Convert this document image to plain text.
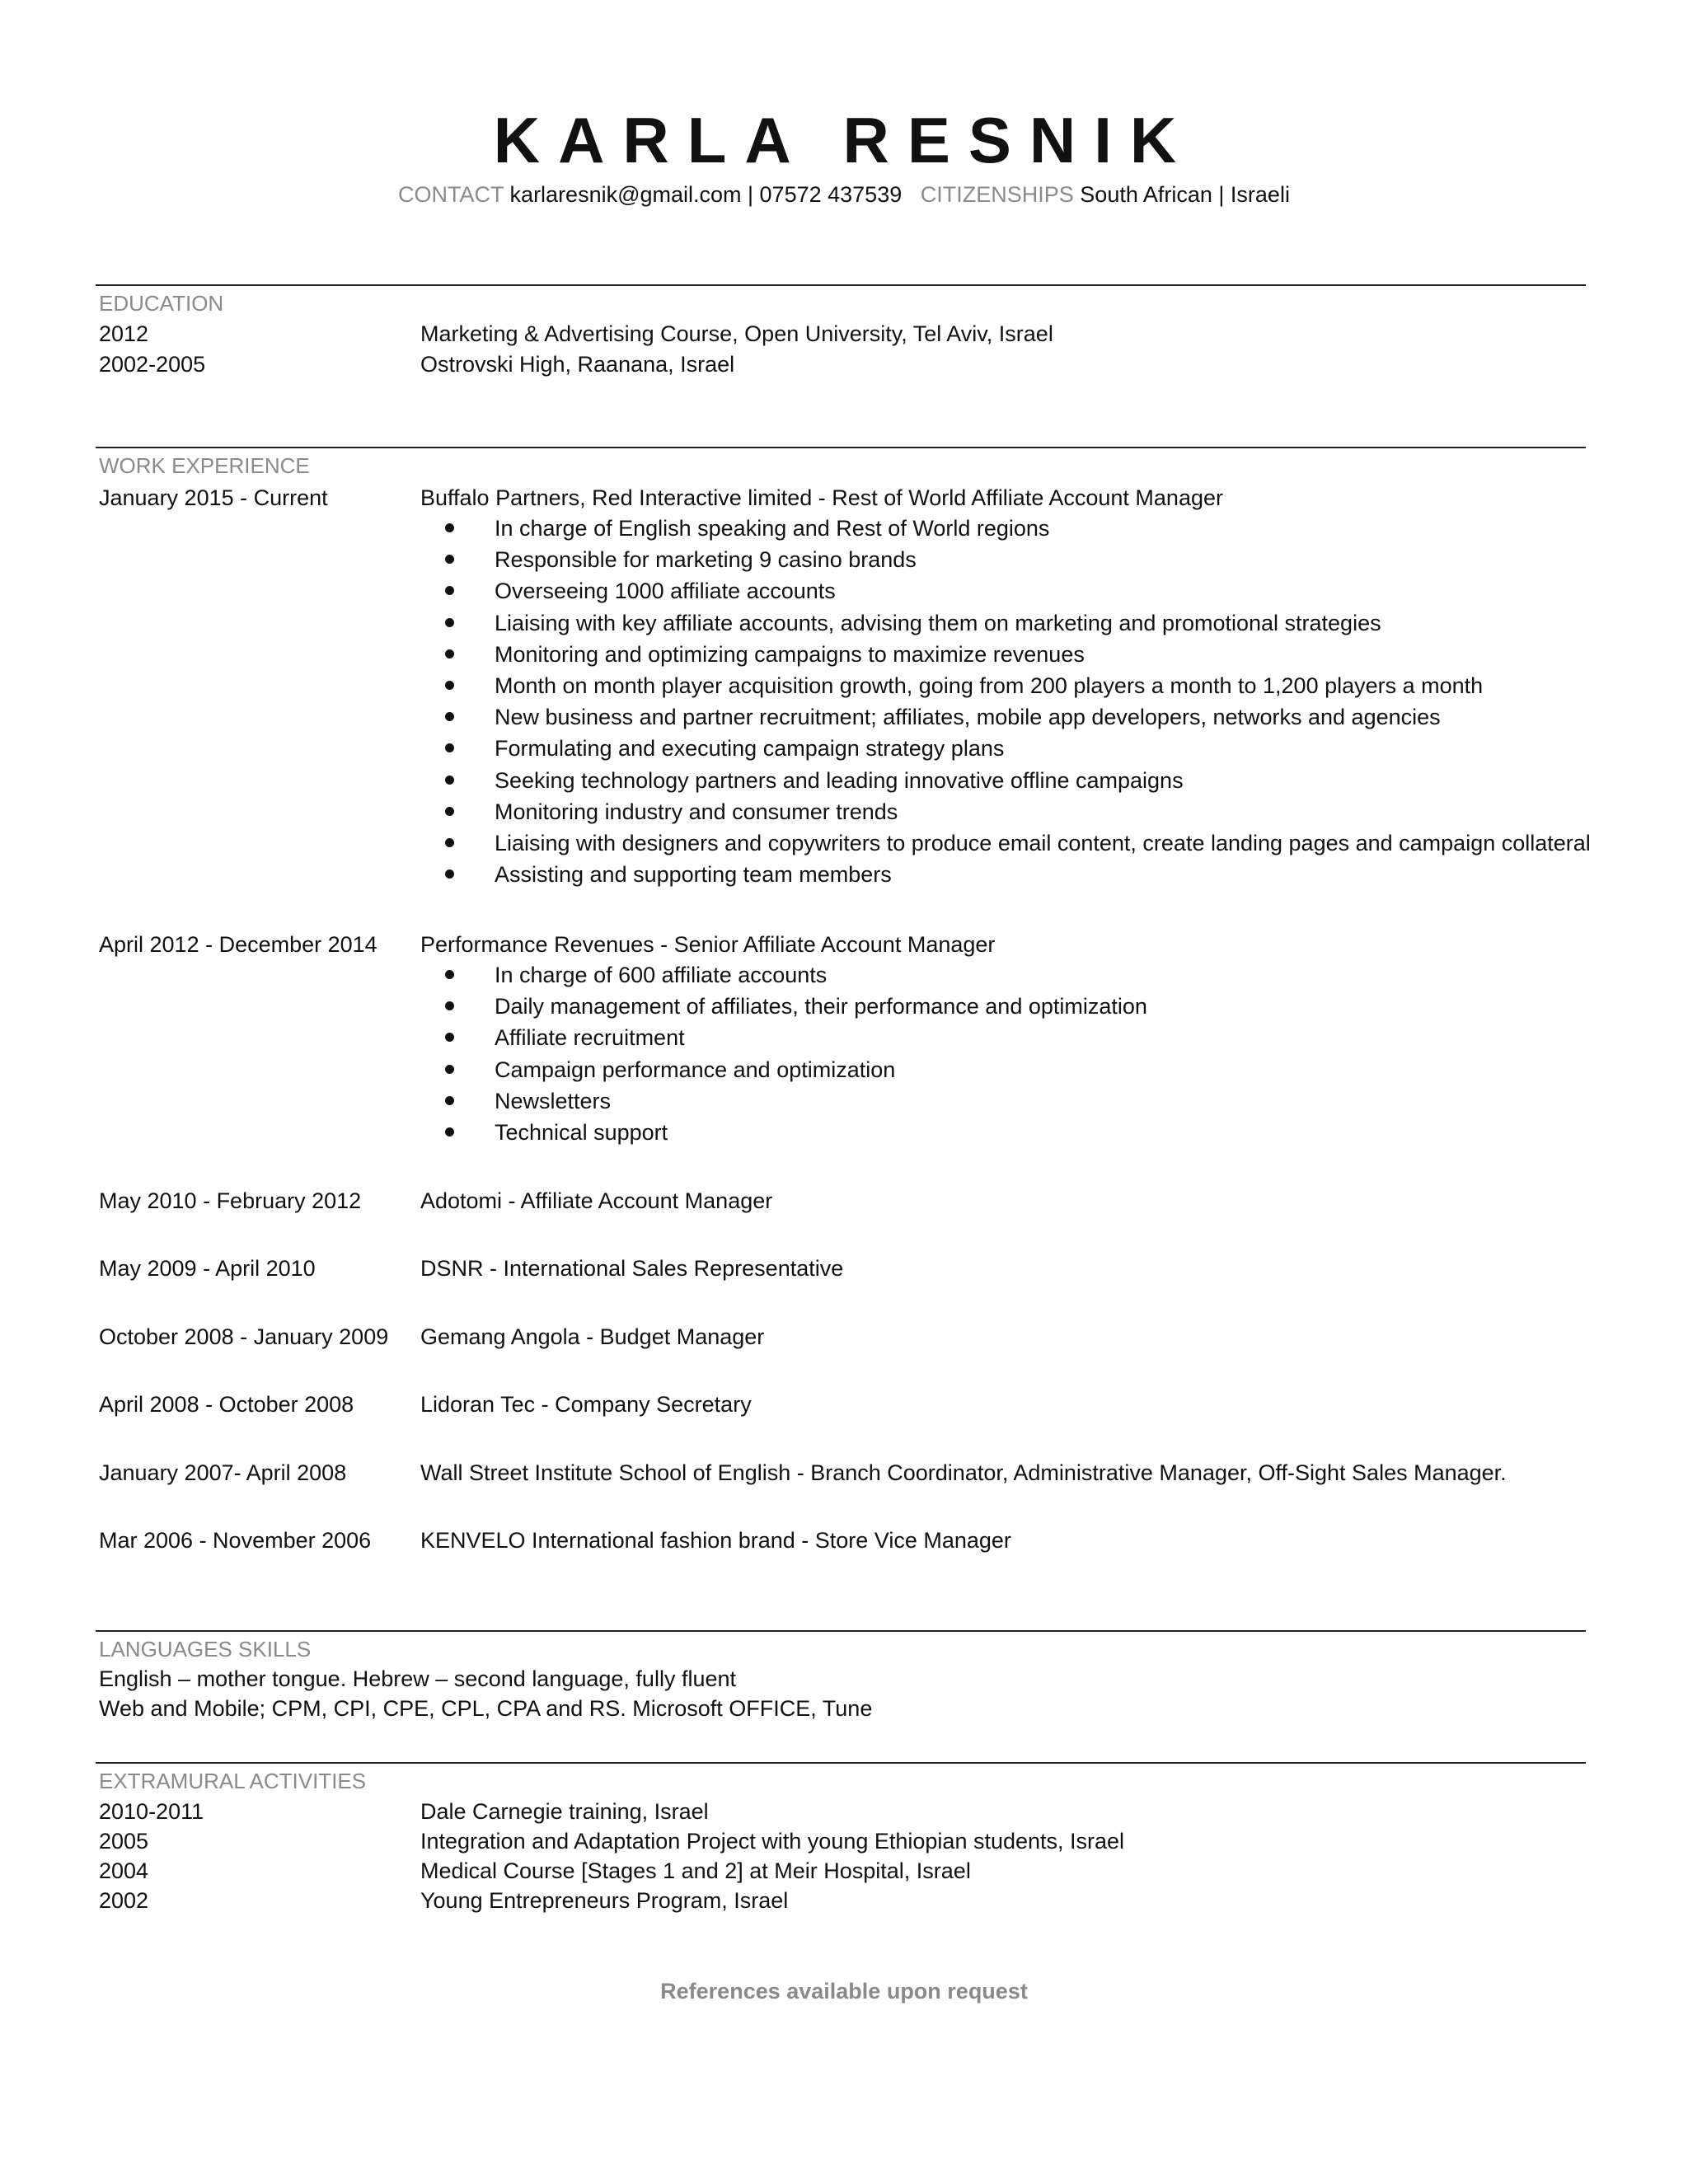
KARLA RESNIK
CONTACT karlaresnik@gmail.com | 07572 437539 CITIZENSHIPS South African | Israeli
EDUCATION
2012	Marketing & Advertising Course, Open University, Tel Aviv, Israel
2002-2005	Ostrovski High, Raanana, Israel
WORK EXPERIENCE
January 2015 - Current	Buffalo Partners, Red Interactive limited - Rest of World Affiliate Account Manager
In charge of English speaking and Rest of World regions
Responsible for marketing 9 casino brands
Overseeing 1000 affiliate accounts
Liaising with key affiliate accounts, advising them on marketing and promotional strategies
Monitoring and optimizing campaigns to maximize revenues
Month on month player acquisition growth, going from 200 players a month to 1,200 players a month
New business and partner recruitment; affiliates, mobile app developers, networks and agencies
Formulating and executing campaign strategy plans
Seeking technology partners and leading innovative offline campaigns
Monitoring industry and consumer trends
Liaising with designers and copywriters to produce email content, create landing pages and campaign collateral
Assisting and supporting team members
April 2012 - December 2014 Performance Revenues - Senior Affiliate Account Manager
In charge of 600 affiliate accounts
Daily management of affiliates, their performance and optimization
Affiliate recruitment
Campaign performance and optimization
Newsletters
Technical support
May 2010 - February 2012	Adotomi - Affiliate Account Manager
May 2009 - April 2010	DSNR - International Sales Representative
October 2008 - January 2009 Gemang Angola - Budget Manager
April 2008 - October 2008	Lidoran Tec - Company Secretary
January 2007- April 2008	Wall Street Institute School of English - Branch Coordinator, Administrative Manager, Off-Sight Sales Manager.
Mar 2006 - November 2006 KENVELO International fashion brand - Store Vice Manager
LANGUAGES SKILLS
English – mother tongue. Hebrew – second language, fully fluent
Web and Mobile; CPM, CPI, CPE, CPL, CPA and RS. Microsoft OFFICE, Tune
EXTRAMURAL ACTIVITIES
2010-2011	Dale Carnegie training, Israel
2005	Integration and Adaptation Project with young Ethiopian students, Israel
2004	Medical Course [Stages 1 and 2] at Meir Hospital, Israel
2002	Young Entrepreneurs Program, Israel
References available upon request
